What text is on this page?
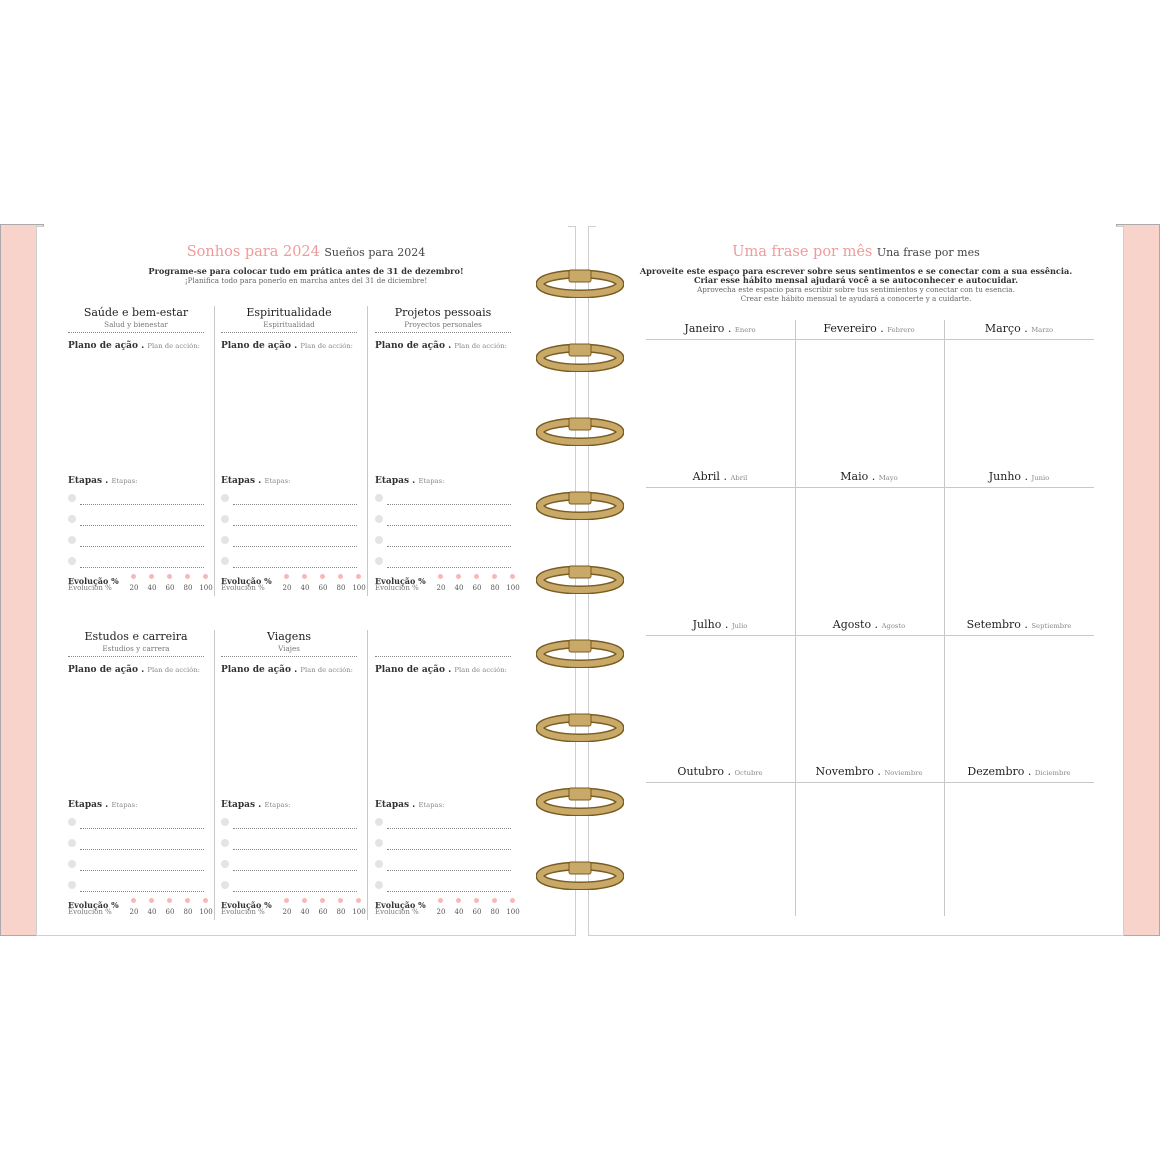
Sonhos para 2024 Sueños para 2024
Programe-se para colocar tudo em prática antes de 31 de dezembro!
¡Planifica todo para ponerlo en marcha antes del 31 de diciembre!
Saúde e bem-estar
Salud y bienestar
Plano de ação . Plan de acción:
Etapas . Etapas:
Evolução %
Evolución %	20	40	60	80 100
Espiritualidade
Espiritualidad
Plano de ação . Plan de acción:
Etapas . Etapas:
Evolução %
Evolución %	20	40	60	80 100
Projetos pessoais
Proyectos personales
Plano de ação . Plan de acción:
Etapas . Etapas:
Evolução %
Evolución %	20	40	60	80 100
Estudos e carreira
Estudios y carrera
Plano de ação . Plan de acción:
Etapas . Etapas:
Evolução %
Evolución %	20	40	60	80 100
Viagens
Viajes
Plano de ação . Plan de acción:
Etapas . Etapas:
Evolução %
Evolución %	20	40	60	80 100
Plano de ação . Plan de acción:
Etapas . Etapas:
Evolução %
Evolución %	20	40	60	80 100
Uma frase por mês Una frase por mes
Aproveite este espaço para escrever sobre seus sentimentos e se conectar com a sua essência.
Criar esse hábito mensal ajudará você a se autoconhecer e autocuidar.
Aprovecha este espacio para escribir sobre tus sentimientos y conectar con tu esencia.
Crear este hábito mensual te ayudará a conocerte y a cuidarte.
Janeiro . Enero	Fevereiro . Febrero	Março . Marzo
Abril . Abril	Maio . Mayo	Junho . Junio
Julho . Julio	Agosto . Agosto	Setembro . Septiembre
Outubro . Octubre	Novembro . Noviembre	Dezembro . Diciembre
